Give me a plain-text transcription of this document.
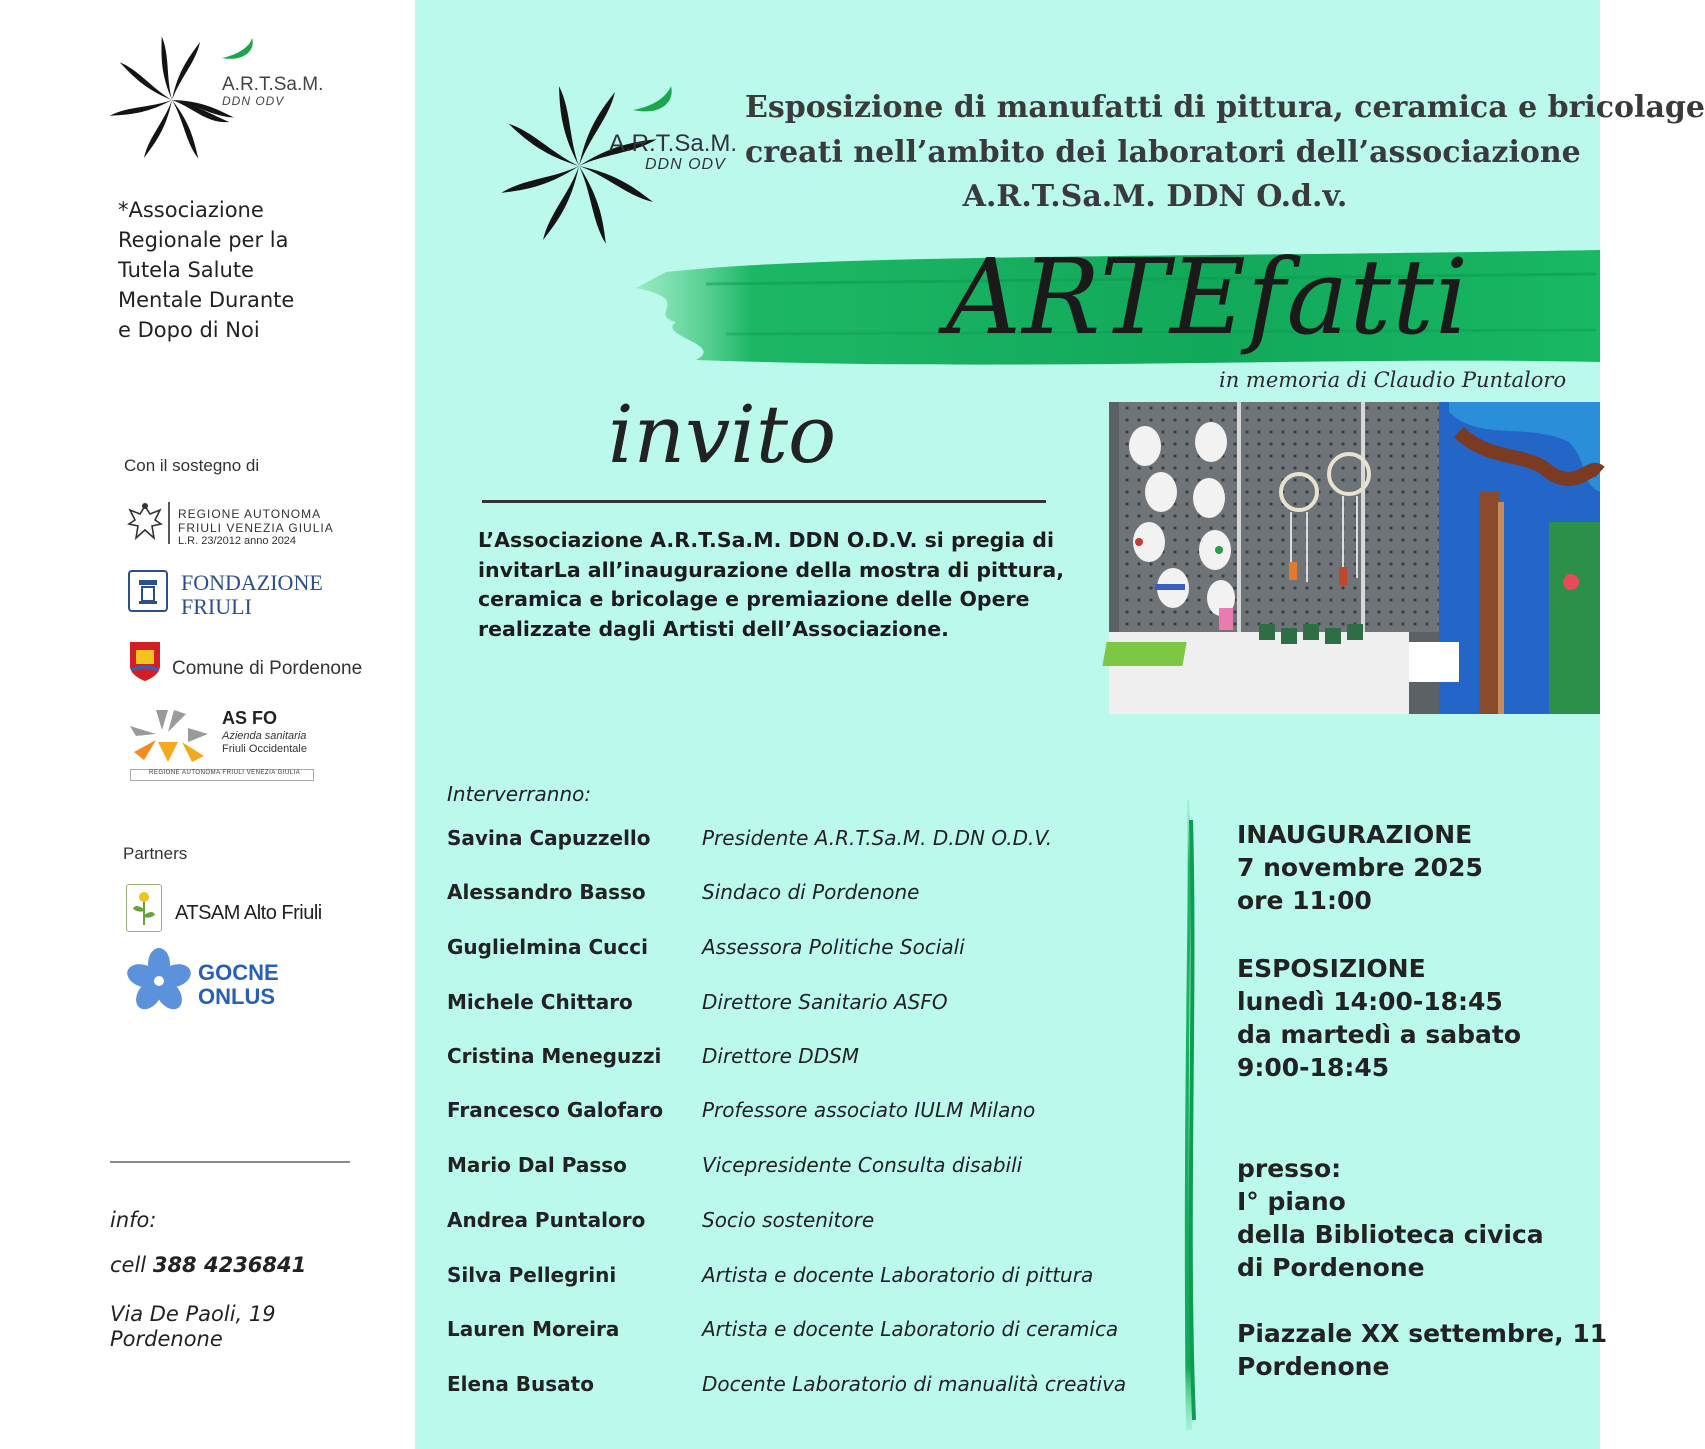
A.R.T.Sa.M.
DDN ODV
*Associazione
Regionale per la
Tutela Salute
Mentale Durante
e Dopo di Noi
Con il sostegno di
REGIONE AUTONOMA
FRIULI VENEZIA GIULIA
L.R. 23/2012 anno 2024
FONDAZIONE
FRIULI
Comune di Pordenone
AS FO
Azienda sanitaria
Friuli Occidentale
REGIONE AUTONOMA FRIULI VENEZIA GIULIA
Partners
ATSAM Alto Friuli
GOCNE
ONLUS
info:
cell 388 4236841
Via De Paoli, 19
Pordenone
A.R.T.Sa.M.
DDN ODV
Esposizione di manufatti di pittura, ceramica e bricolage
creati nell’ambito dei laboratori dell’associazione
A.R.T.Sa.M. DDN O.d.v.
ARTEfatti
in memoria di Claudio Puntaloro
invito
L’Associazione A.R.T.Sa.M. DDN O.D.V. si pregia di invitarLa all’inaugurazione della mostra di pittura, ceramica e bricolage e premiazione delle Opere realizzate dagli Artisti dell’Associazione.
Interverranno:
Savina Capuzzello	Presidente A.R.T.Sa.M. D.DN O.D.V.
Alessandro Basso	Sindaco di Pordenone
Guglielmina Cucci	Assessora Politiche Sociali
Michele Chittaro	Direttore Sanitario ASFO
Cristina Meneguzzi Direttore DDSM
Francesco Galofaro Professore associato IULM Milano
Mario Dal Passo	Vicepresidente Consulta disabili
Andrea Puntaloro	Socio sostenitore
Silva Pellegrini	Artista e docente Laboratorio di pittura
Lauren Moreira	Artista e docente Laboratorio di ceramica
Elena Busato	Docente Laboratorio di manualità creativa
INAUGURAZIONE
7 novembre 2025
ore 11:00
ESPOSIZIONE
lunedì 14:00-18:45
da martedì a sabato
9:00-18:45
presso:
I° piano
della Biblioteca civica
di Pordenone
Piazzale XX settembre, 11
Pordenone
